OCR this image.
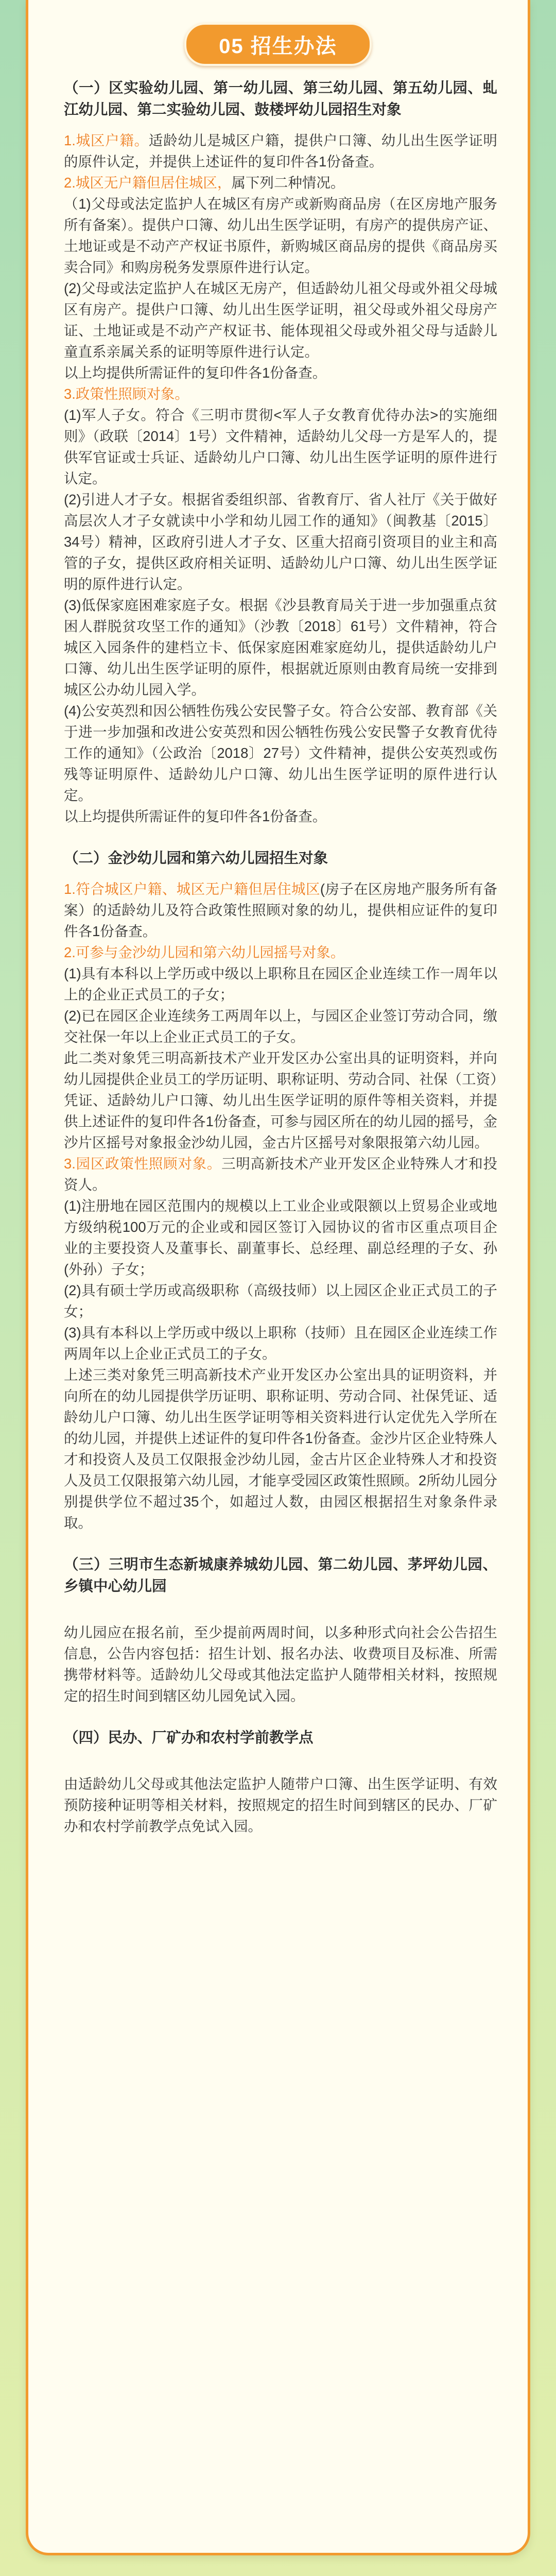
05 招生办法

（一）区实验幼儿园、第一幼儿园、第三幼儿园、第五幼儿园、虬江幼儿园、第二实验幼儿园、鼓楼坪幼儿园招生对象

1.城区户籍。适龄幼儿是城区户籍，提供户口簿、幼儿出生医学证明的原件认定，并提供上述证件的复印件各1份备查。

2.城区无户籍但居住城区，属下列二种情况。

（1)父母或法定监护人在城区有房产或新购商品房（在区房地产服务所有备案）。提供户口簿、幼儿出生医学证明，有房产的提供房产证、土地证或是不动产产权证书原件，新购城区商品房的提供《商品房买卖合同》和购房税务发票原件进行认定。

(2)父母或法定监护人在城区无房产，但适龄幼儿祖父母或外祖父母城区有房产。提供户口簿、幼儿出生医学证明，祖父母或外祖父母房产证、土地证或是不动产产权证书、能体现祖父母或外祖父母与适龄儿童直系亲属关系的证明等原件进行认定。

以上均提供所需证件的复印件各1份备查。

3.政策性照顾对象。

(1)军人子女。符合《三明市贯彻<军人子女教育优待办法>的实施细则》（政联〔2014〕1号）文件精神，适龄幼儿父母一方是军人的，提供军官证或士兵证、适龄幼儿户口簿、幼儿出生医学证明的原件进行认定。

(2)引进人才子女。根据省委组织部、省教育厅、省人社厅《关于做好高层次人才子女就读中小学和幼儿园工作的通知》（闽教基〔2015〕34号）精神，区政府引进人才子女、区重大招商引资项目的业主和高管的子女，提供区政府相关证明、适龄幼儿户口簿、幼儿出生医学证明的原件进行认定。

(3)低保家庭困难家庭子女。根据《沙县教育局关于进一步加强重点贫困人群脱贫攻坚工作的通知》（沙教〔2018〕61号）文件精神，符合城区入园条件的建档立卡、低保家庭困难家庭幼儿，提供适龄幼儿户口簿、幼儿出生医学证明的原件，根据就近原则由教育局统一安排到城区公办幼儿园入学。

(4)公安英烈和因公牺牲伤残公安民警子女。符合公安部、教育部《关于进一步加强和改进公安英烈和因公牺牲伤残公安民警子女教育优待工作的通知》（公政治〔2018〕27号）文件精神，提供公安英烈或伤残等证明原件、适龄幼儿户口簿、幼儿出生医学证明的原件进行认定。

以上均提供所需证件的复印件各1份备查。

（二）金沙幼儿园和第六幼儿园招生对象

1.符合城区户籍、城区无户籍但居住城区(房子在区房地产服务所有备案）的适龄幼儿及符合政策性照顾对象的幼儿，提供相应证件的复印件各1份备查。

2.可参与金沙幼儿园和第六幼儿园摇号对象。

(1)具有本科以上学历或中级以上职称且在园区企业连续工作一周年以上的企业正式员工的子女；

(2)已在园区企业连续务工两周年以上，与园区企业签订劳动合同，缴交社保一年以上企业正式员工的子女。

此二类对象凭三明高新技术产业开发区办公室出具的证明资料，并向幼儿园提供企业员工的学历证明、职称证明、劳动合同、社保（工资）凭证、适龄幼儿户口簿、幼儿出生医学证明的原件等相关资料，并提供上述证件的复印件各1份备查，可参与园区所在的幼儿园的摇号，金沙片区摇号对象报金沙幼儿园，金古片区摇号对象限报第六幼儿园。

3.园区政策性照顾对象。三明高新技术产业开发区企业特殊人才和投资人。

(1)注册地在园区范围内的规模以上工业企业或限额以上贸易企业或地方级纳税100万元的企业或和园区签订入园协议的省市区重点项目企业的主要投资人及董事长、副董事长、总经理、副总经理的子女、孙(外孙）子女；

(2)具有硕士学历或高级职称（高级技师）以上园区企业正式员工的子女；

(3)具有本科以上学历或中级以上职称（技师）且在园区企业连续工作两周年以上企业正式员工的子女。

上述三类对象凭三明高新技术产业开发区办公室出具的证明资料，并向所在的幼儿园提供学历证明、职称证明、劳动合同、社保凭证、适龄幼儿户口簿、幼儿出生医学证明等相关资料进行认定优先入学所在的幼儿园，并提供上述证件的复印件各1份备查。金沙片区企业特殊人才和投资人及员工仅限报金沙幼儿园，金古片区企业特殊人才和投资人及员工仅限报第六幼儿园，才能享受园区政策性照顾。2所幼儿园分别提供学位不超过35个，如超过人数，由园区根据招生对象条件录取。

（三）三明市生态新城康养城幼儿园、第二幼儿园、茅坪幼儿园、乡镇中心幼儿园

幼儿园应在报名前，至少提前两周时间，以多种形式向社会公告招生信息，公告内容包括：招生计划、报名办法、收费项目及标准、所需携带材料等。适龄幼儿父母或其他法定监护人随带相关材料，按照规定的招生时间到辖区幼儿园免试入园。

（四）民办、厂矿办和农村学前教学点

由适龄幼儿父母或其他法定监护人随带户口簿、出生医学证明、有效预防接种证明等相关材料，按照规定的招生时间到辖区的民办、厂矿办和农村学前教学点免试入园。
